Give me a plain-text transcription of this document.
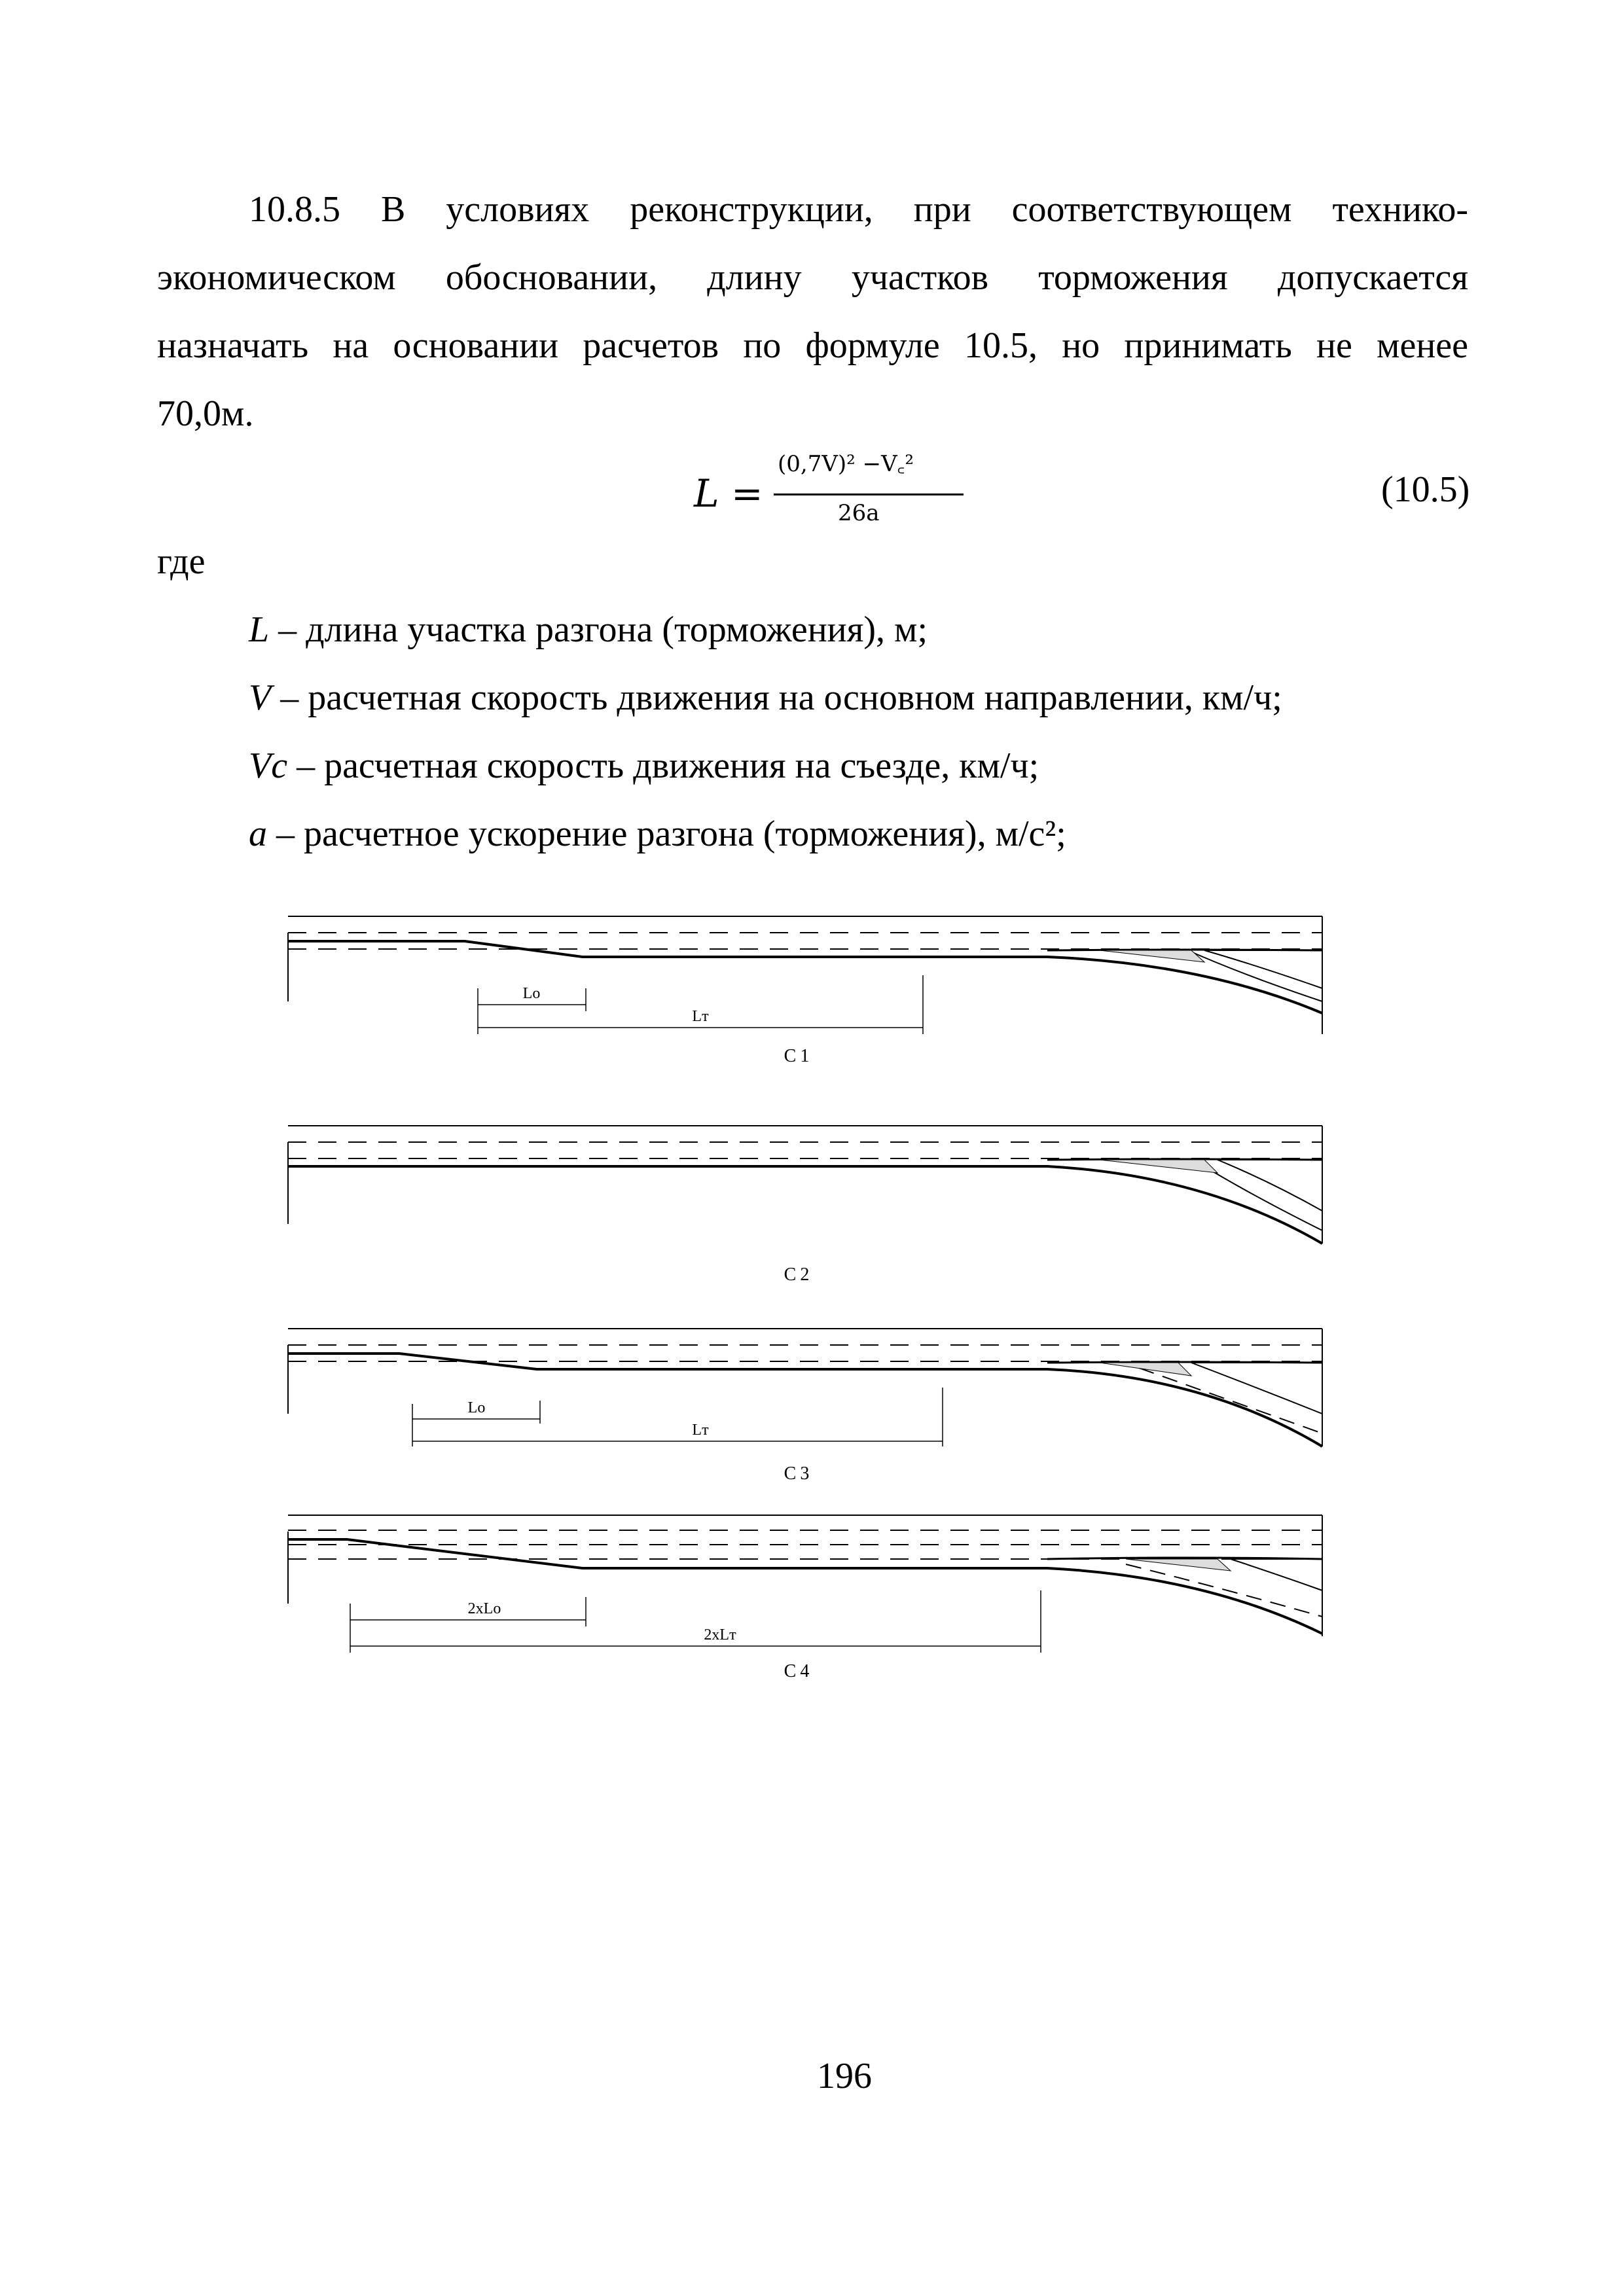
10.8.5 В условиях реконструкции, при соответствующем технико-
экономическом обосновании, длину участков торможения допускается
назначать на основании расчетов по формуле 10.5, но принимать не менее
70,0м.
L =
(0,7V)² −V꜀²
26a
(10.5)
где
L – длина участка разгона (торможения), м;
V – расчетная скорость движения на основном направлении, км/ч;
Vc – расчетная скорость движения на съезде, км/ч;
a – расчетное ускорение разгона (торможения), м/с²;
Lо
Lт
С1
С2
Lо
Lт
С3
2xLо
2xLт
С4
196
